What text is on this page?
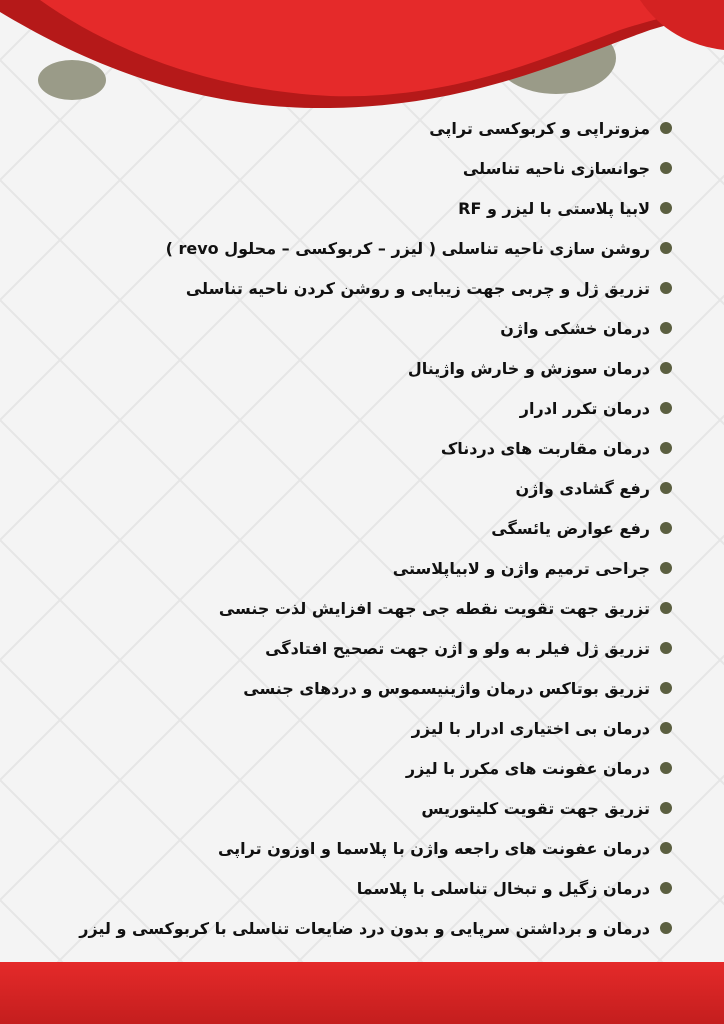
مزوتراپی و کربوکسی تراپی
جوانسازی ناحیه تناسلی
لابیا پلاستی با لیزر و RF
روشن سازی ناحیه تناسلی ( لیزر – کربوکسی – محلول revo )
تزریق ژل و چربی جهت زیبایی و روشن کردن ناحیه تناسلی
درمان خشکی واژن
درمان سوزش و خارش واژینال
درمان تکرر ادرار
درمان مقاربت های دردناک
رفع گشادی واژن
رفع عوارض یائسگی
جراحی ترمیم واژن و لابیاپلاستی
تزریق جهت تقویت نقطه جی جهت افزایش لذت جنسی
تزریق ژل فیلر به ولو و اژن جهت تصحیح افتادگی
تزریق بوتاکس درمان واژینیسموس و دردهای جنسی
درمان بی اختیاری ادرار با لیزر
درمان عفونت های مکرر با لیزر
تزریق جهت تقویت کلیتوریس
درمان عفونت های راجعه واژن با پلاسما و اوزون تراپی
درمان زگیل و تبخال تناسلی با پلاسما
درمان و برداشتن سرپایی و بدون درد ضایعات تناسلی با کربوکسی و لیزر
